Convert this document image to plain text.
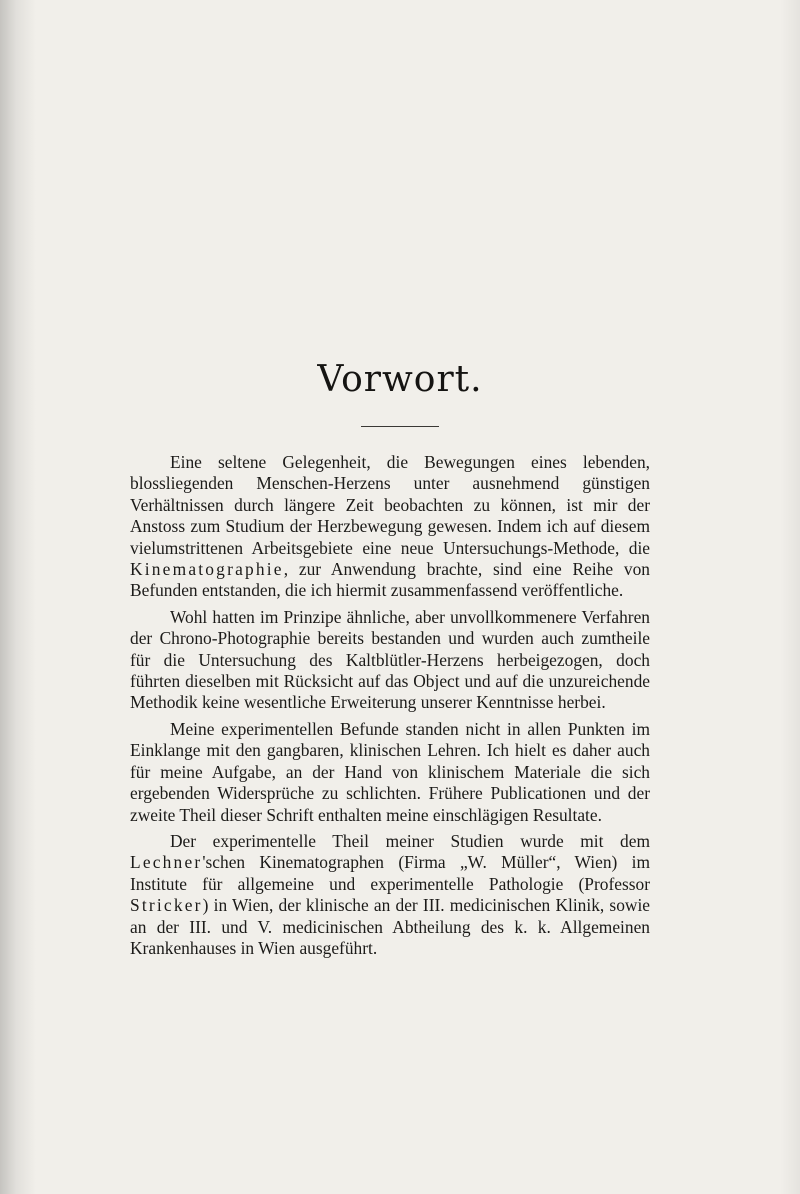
Vorwort.

Eine seltene Gelegenheit, die Bewegungen eines lebenden, blossliegenden Menschen-Herzens unter ausnehmend günstigen Verhältnissen durch längere Zeit beobachten zu können, ist mir der Anstoss zum Studium der Herzbewegung gewesen. Indem ich auf diesem vielumstrittenen Arbeitsgebiete eine neue Untersuchungs-Methode, die Kinematographie, zur Anwendung brachte, sind eine Reihe von Befunden entstanden, die ich hiermit zusammenfassend veröffentliche.

Wohl hatten im Prinzipe ähnliche, aber unvollkommenere Verfahren der Chrono-Photographie bereits bestanden und wurden auch zumtheile für die Untersuchung des Kaltblütler-Herzens herbeigezogen, doch führten dieselben mit Rücksicht auf das Object und auf die unzureichende Methodik keine wesentliche Erweiterung unserer Kenntnisse herbei.

Meine experimentellen Befunde standen nicht in allen Punkten im Einklange mit den gangbaren, klinischen Lehren. Ich hielt es daher auch für meine Aufgabe, an der Hand von klinischem Materiale die sich ergebenden Widersprüche zu schlichten. Frühere Publicationen und der zweite Theil dieser Schrift enthalten meine einschlägigen Resultate.

Der experimentelle Theil meiner Studien wurde mit dem Lechner'schen Kinematographen (Firma „W. Müller“, Wien) im Institute für allgemeine und experimentelle Pathologie (Professor Stricker) in Wien, der klinische an der III. medicinischen Klinik, sowie an der III. und V. medicinischen Abtheilung des k. k. Allgemeinen Krankenhauses in Wien ausgeführt.
